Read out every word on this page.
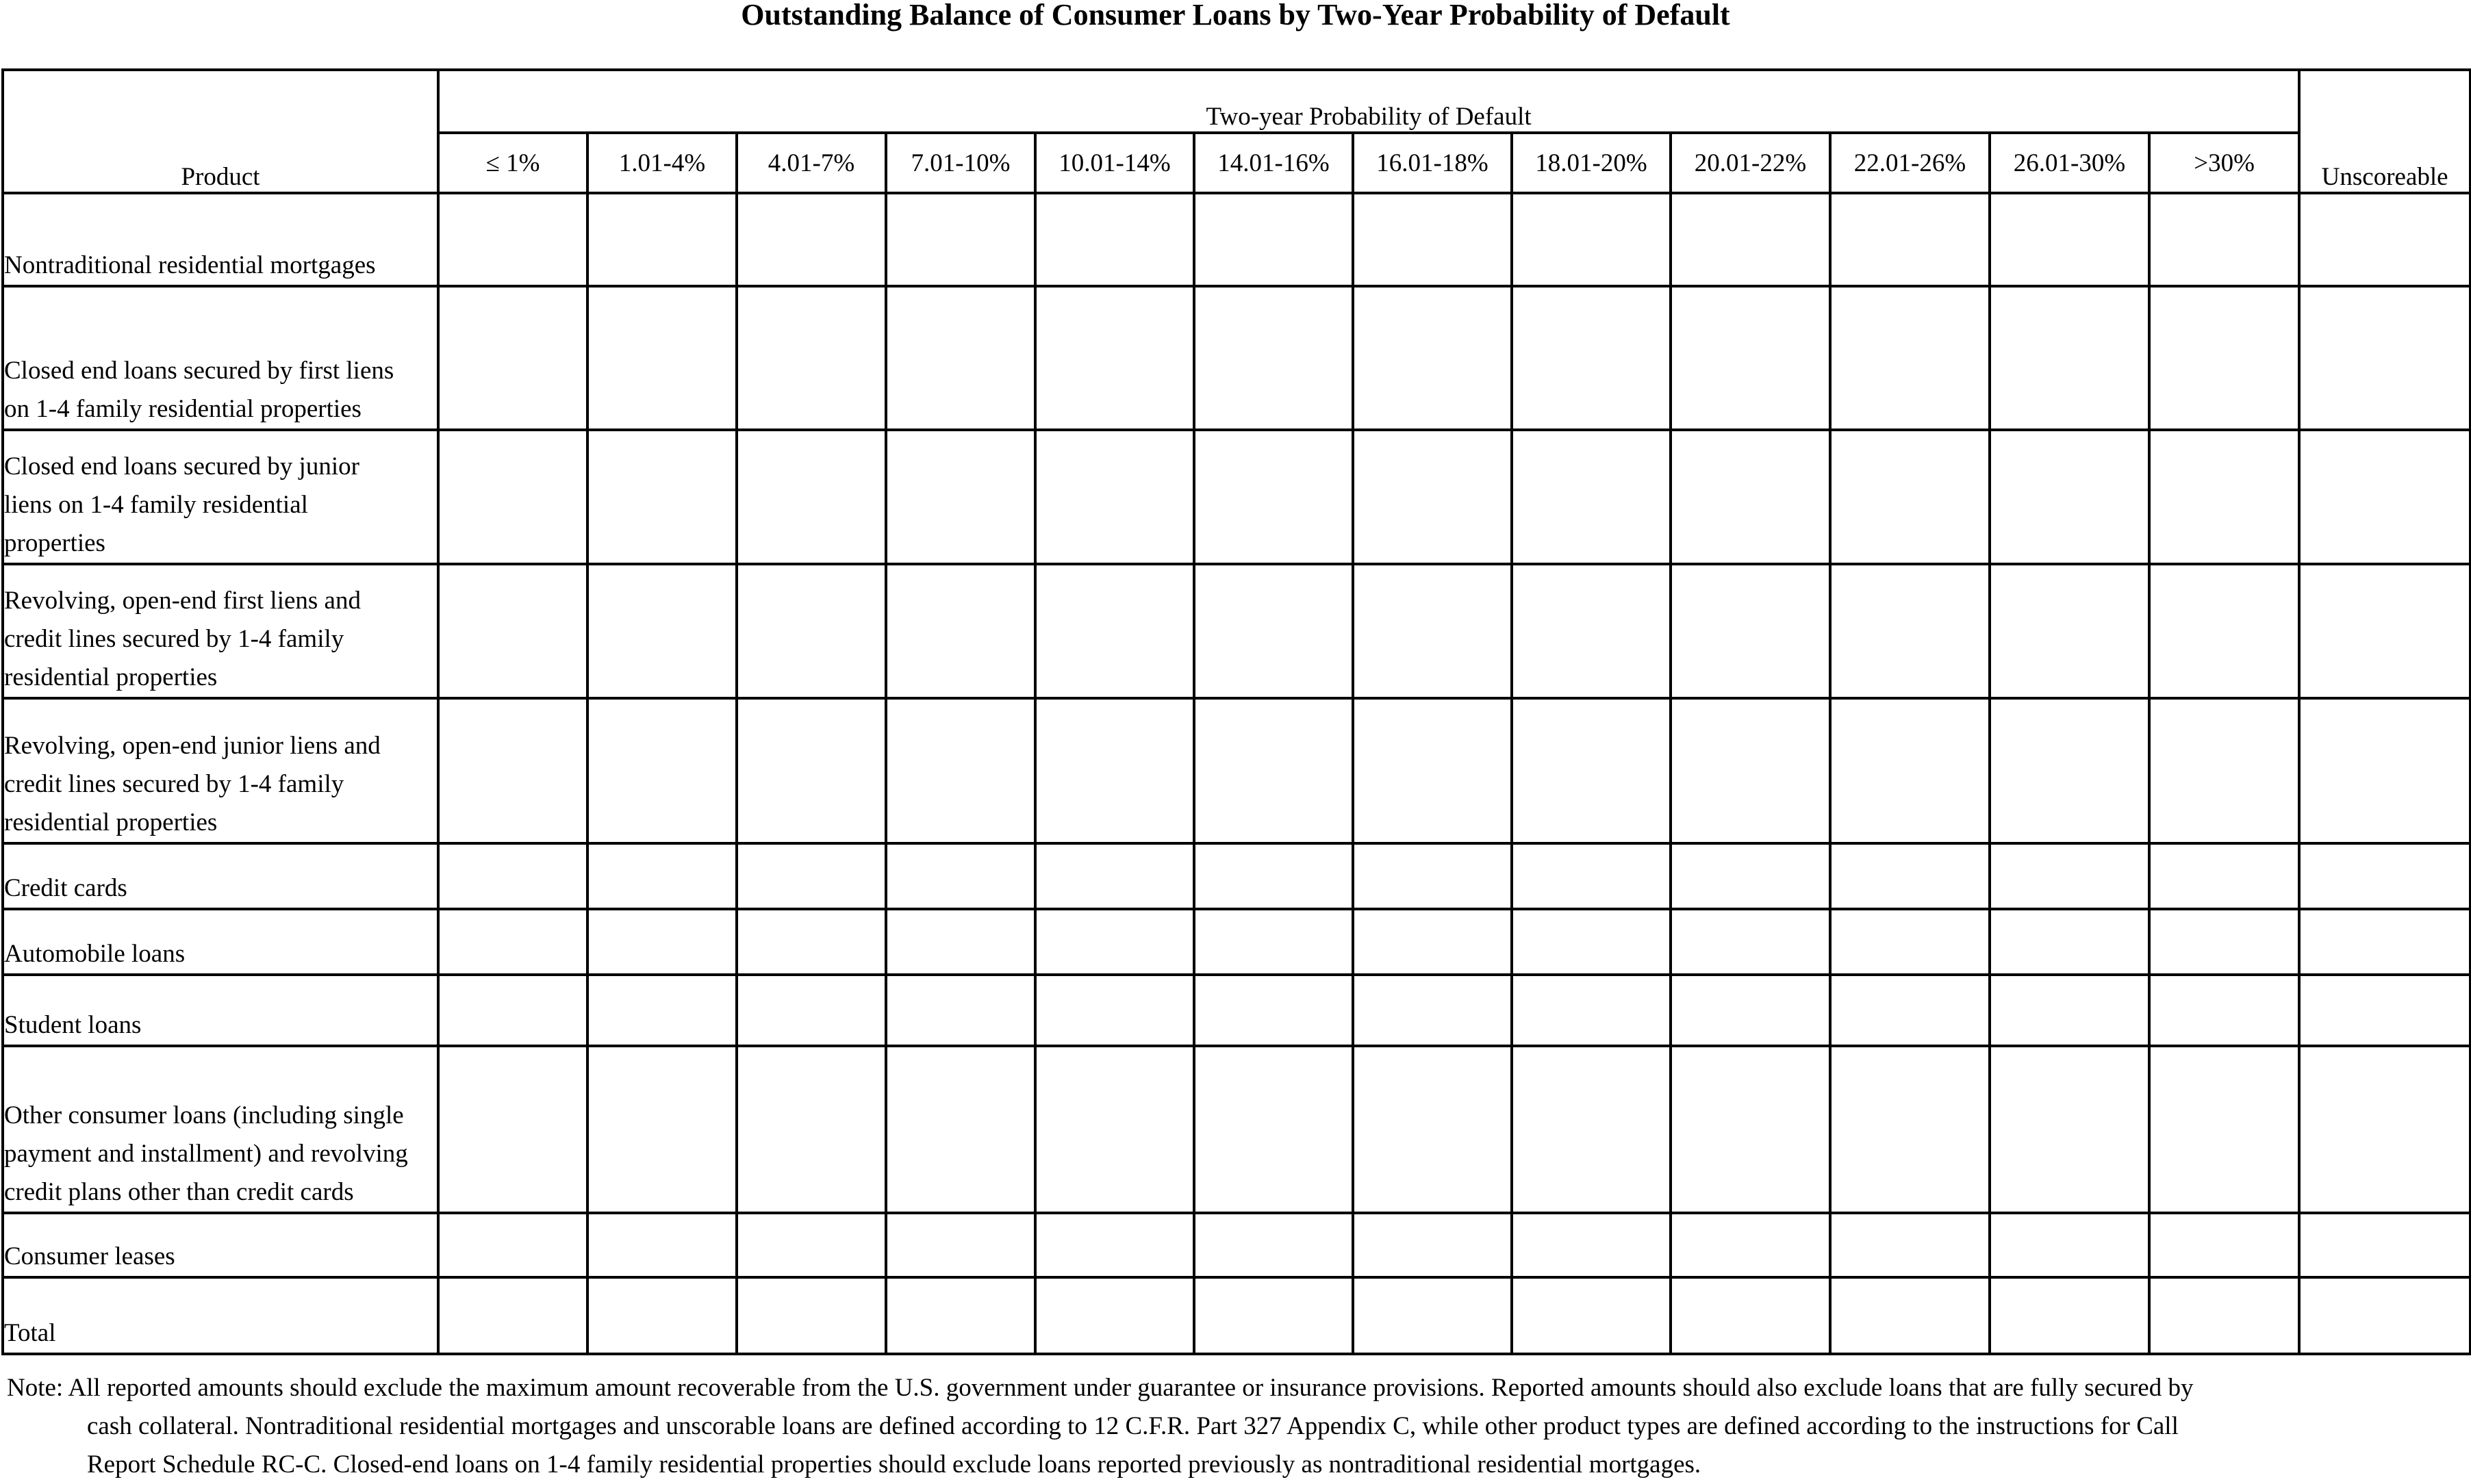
Outstanding Balance of Consumer Loans by Two-Year Probability of Default
Product	Two-year Probability of Default												Unscoreable
	≤ 1%	1.01-4%	4.01-7%	7.01-10%	10.01-14%	14.01-16%	16.01-18%	18.01-20%	20.01-22%	22.01-26%	26.01-30%	>30%	

Nontraditional residential mortgages													

Closed end loans secured by first liens
on 1-4 family residential properties													

Closed end loans secured by junior
liens on 1-4 family residential
properties													

Revolving, open-end first liens and
credit lines secured by 1-4 family
residential properties													

Revolving, open-end junior liens and
credit lines secured by 1-4 family
residential properties													

Credit cards													

Automobile loans													

Student loans													

Other consumer loans (including single
payment and installment) and revolving
credit plans other than credit cards													

Consumer leases													

Total													

Note: All reported amounts should exclude the maximum amount recoverable from the U.S. government under guarantee or insurance provisions. Reported amounts should also exclude loans that are fully secured by
cash collateral. Nontraditional residential mortgages and unscorable loans are defined according to 12 C.F.R. Part 327 Appendix C, while other product types are defined according to the instructions for Call
Report Schedule RC-C. Closed-end loans on 1-4 family residential properties should exclude loans reported previously as nontraditional residential mortgages.
